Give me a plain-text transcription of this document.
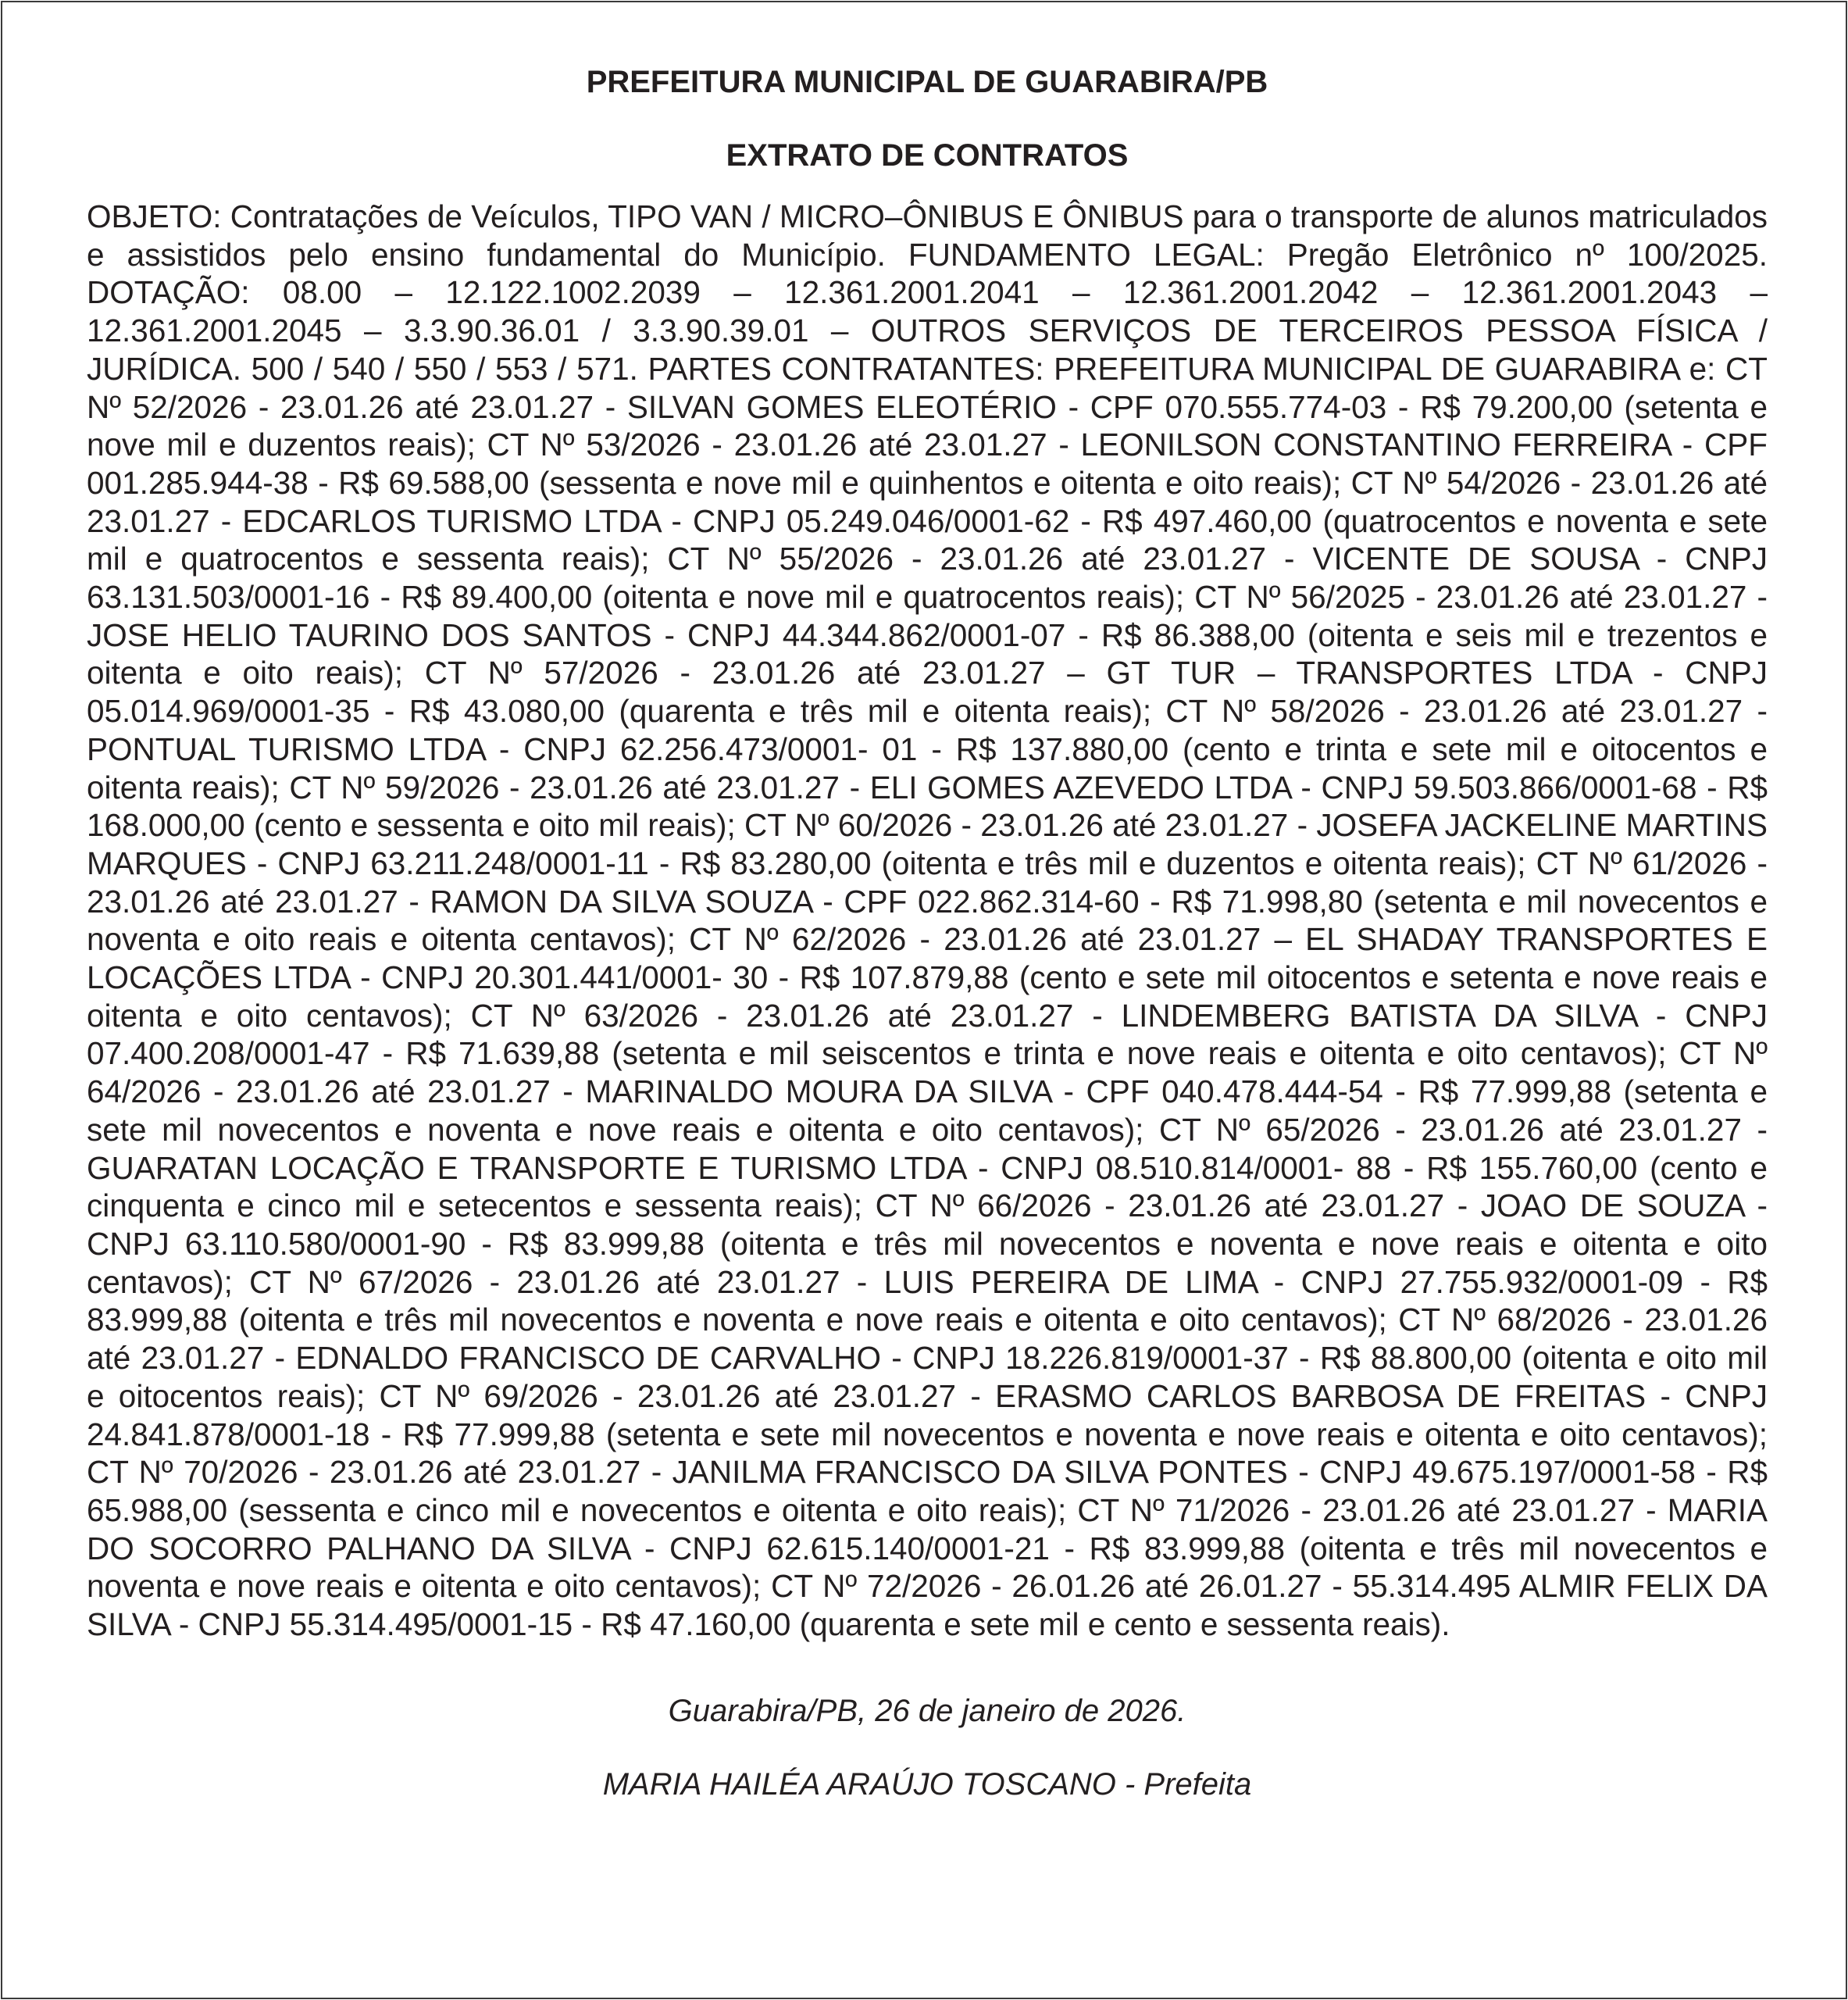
PREFEITURA MUNICIPAL DE GUARABIRA/PB
EXTRATO DE CONTRATOS

OBJETO: Contratações de Veículos, TIPO VAN / MICRO–ÔNIBUS E ÔNIBUS para o transporte de alunos matriculados e assistidos pelo ensino fundamental do Município. FUNDAMENTO LEGAL: Pregão Eletrônico nº 100/2025. DOTAÇÃO: 08.00 – 12.122.1002.2039 – 12.361.2001.2041 – 12.361.2001.2042 – 12.361.2001.2043 – 12.361.2001.2045 – 3.3.90.36.01 / 3.3.90.39.01 – OUTROS SERVIÇOS DE TERCEIROS PESSOA FÍSICA / JURÍDICA. 500 / 540 / 550 / 553 / 571. PARTES CONTRATANTES: PREFEITURA MUNICIPAL DE GUARABIRA e: CT Nº 52/2026 - 23.01.26 até 23.01.27 - SILVAN GOMES ELEOTÉRIO - CPF 070.555.774-03 - R$ 79.200,00 (setenta e nove mil e duzentos reais); CT Nº 53/2026 - 23.01.26 até 23.01.27 - LEONILSON CONSTANTINO FERREIRA - CPF 001.285.944-38 - R$ 69.588,00 (sessenta e nove mil e quinhentos e oitenta e oito reais); CT Nº 54/2026 - 23.01.26 até 23.01.27 - EDCARLOS TURISMO LTDA - CNPJ 05.249.046/0001-62 - R$ 497.460,00 (quatrocentos e noventa e sete mil e quatrocentos e sessenta reais); CT Nº 55/2026 - 23.01.26 até 23.01.27 - VICENTE DE SOUSA - CNPJ 63.131.503/0001-16 - R$ 89.400,00 (oitenta e nove mil e quatrocentos reais); CT Nº 56/2025 - 23.01.26 até 23.01.27 - JOSE HELIO TAURINO DOS SANTOS - CNPJ 44.344.862/0001-07 - R$ 86.388,00 (oitenta e seis mil e trezentos e oitenta e oito reais); CT Nº 57/2026 - 23.01.26 até 23.01.27 – GT TUR – TRANSPORTES LTDA - CNPJ 05.014.969/0001-35 - R$ 43.080,00 (quarenta e três mil e oitenta reais); CT Nº 58/2026 - 23.01.26 até 23.01.27 - PONTUAL TURISMO LTDA - CNPJ 62.256.473/0001- 01 - R$ 137.880,00 (cento e trinta e sete mil e oitocentos e oitenta reais); CT Nº 59/2026 - 23.01.26 até 23.01.27 - ELI GOMES AZEVEDO LTDA - CNPJ 59.503.866/0001-68 - R$ 168.000,00 (cento e sessenta e oito mil reais); CT Nº 60/2026 - 23.01.26 até 23.01.27 - JOSEFA JACKELINE MARTINS MARQUES - CNPJ 63.211.248/0001-11 - R$ 83.280,00 (oitenta e três mil e duzentos e oitenta reais); CT Nº 61/2026 - 23.01.26 até 23.01.27 - RAMON DA SILVA SOUZA - CPF 022.862.314-60 - R$ 71.998,80 (setenta e mil novecentos e noventa e oito reais e oitenta centavos); CT Nº 62/2026 - 23.01.26 até 23.01.27 – EL SHADAY TRANSPORTES E LOCAÇÕES LTDA - CNPJ 20.301.441/0001- 30 - R$ 107.879,88 (cento e sete mil oitocentos e setenta e nove reais e oitenta e oito centavos); CT Nº 63/2026 - 23.01.26 até 23.01.27 - LINDEMBERG BATISTA DA SILVA - CNPJ 07.400.208/0001-47 - R$ 71.639,88 (setenta e mil seiscentos e trinta e nove reais e oitenta e oito centavos); CT Nº 64/2026 - 23.01.26 até 23.01.27 - MARINALDO MOURA DA SILVA - CPF 040.478.444-54 - R$ 77.999,88 (setenta e sete mil novecentos e noventa e nove reais e oitenta e oito centavos); CT Nº 65/2026 - 23.01.26 até 23.01.27 - GUARATAN LOCAÇÃO E TRANSPORTE E TURISMO LTDA - CNPJ 08.510.814/0001- 88 - R$ 155.760,00 (cento e cinquenta e cinco mil e setecentos e sessenta reais); CT Nº 66/2026 - 23.01.26 até 23.01.27 - JOAO DE SOUZA - CNPJ 63.110.580/0001-90 - R$ 83.999,88 (oitenta e três mil novecentos e noventa e nove reais e oitenta e oito centavos); CT Nº 67/2026 - 23.01.26 até 23.01.27 - LUIS PEREIRA DE LIMA - CNPJ 27.755.932/0001-09 - R$ 83.999,88 (oitenta e três mil novecentos e noventa e nove reais e oitenta e oito centavos); CT Nº 68/2026 - 23.01.26 até 23.01.27 - EDNALDO FRANCISCO DE CARVALHO - CNPJ 18.226.819/0001-37 - R$ 88.800,00 (oitenta e oito mil e oitocentos reais); CT Nº 69/2026 - 23.01.26 até 23.01.27 - ERASMO CARLOS BARBOSA DE FREITAS - CNPJ 24.841.878/0001-18 - R$ 77.999,88 (setenta e sete mil novecentos e noventa e nove reais e oitenta e oito centavos); CT Nº 70/2026 - 23.01.26 até 23.01.27 - JANILMA FRANCISCO DA SILVA PONTES - CNPJ 49.675.197/0001-58 - R$ 65.988,00 (sessenta e cinco mil e novecentos e oitenta e oito reais); CT Nº 71/2026 - 23.01.26 até 23.01.27 - MARIA DO SOCORRO PALHANO DA SILVA - CNPJ 62.615.140/0001-21 - R$ 83.999,88 (oitenta e três mil novecentos e noventa e nove reais e oitenta e oito centavos); CT Nº 72/2026 - 26.01.26 até 26.01.27 - 55.314.495 ALMIR FELIX DA SILVA - CNPJ 55.314.495/0001-15 - R$ 47.160,00 (quarenta e sete mil e cento e sessenta reais).

Guarabira/PB, 26 de janeiro de 2026.

MARIA HAILÉA ARAÚJO TOSCANO - Prefeita
